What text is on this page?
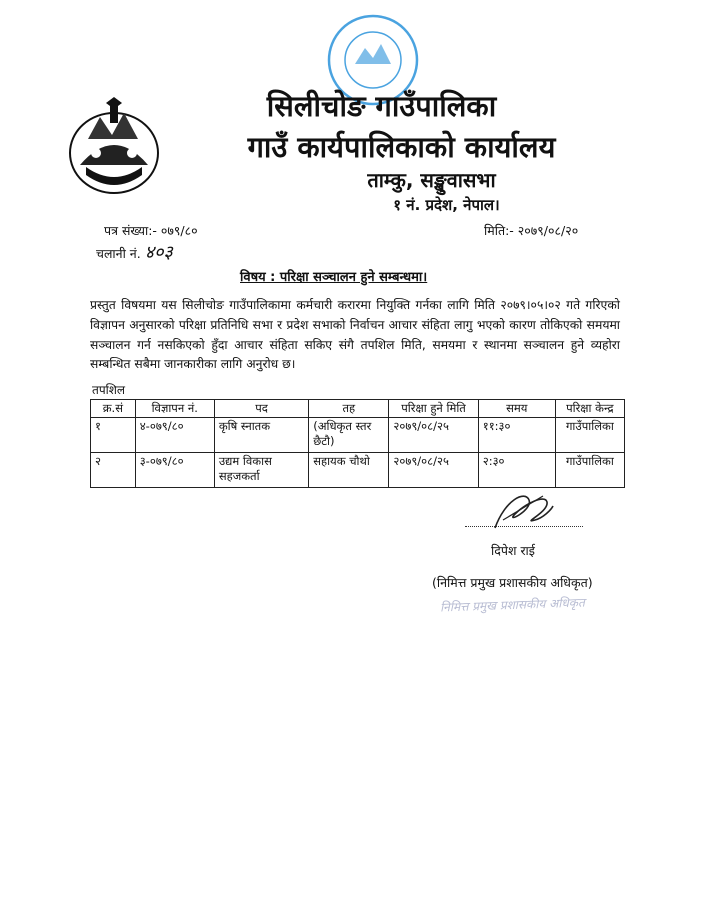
सिलीचोङ गाउँपालिका
गाउँ कार्यपालिकाको कार्यालय
ताम्कु, सङ्खुवासभा
१ नं. प्रदेश, नेपाल।
पत्र संख्या:- ०७९/८०	मिति:- २०७९/०८/२०
चलानी नं. ४०३
विषय : परिक्षा सञ्चालन हुने सम्बन्धमा।
प्रस्तुत विषयमा यस सिलीचोङ गाउँपालिकामा कर्मचारी करारमा नियुक्ति गर्नका लागि मिति २०७९।०५।०२ गते गरिएको विज्ञापन अनुसारको परिक्षा प्रतिनिधि सभा र प्रदेश सभाको निर्वाचन आचार संहिता लागु भएको कारण तोकिएको समयमा सञ्चालन गर्न नसकिएको हुँदा आचार संहिता सकिए संगै तपशिल मिति, समयमा र स्थानमा सञ्चालन हुने व्यहोरा सम्बन्धित सबैमा जानकारीका लागि अनुरोध छ।
तपशिल
क्र.सं	विज्ञापन नं.	पद	तह	परिक्षा हुने मिति	समय	परिक्षा केन्द्र
१	४-०७९/८०	कृषि स्नातक	(अधिकृत स्तर छैटौ)	२०७९/०८/२५	११:३०	गाउँपालिका
२	३-०७९/८०	उद्यम विकास सहजकर्ता	सहायक चौथो	२०७९/०८/२५	२:३०	गाउँपालिका
दिपेश राई
(निमित्त प्रमुख प्रशासकीय अधिकृत)
निमित्त प्रमुख प्रशासकीय अधिकृत
